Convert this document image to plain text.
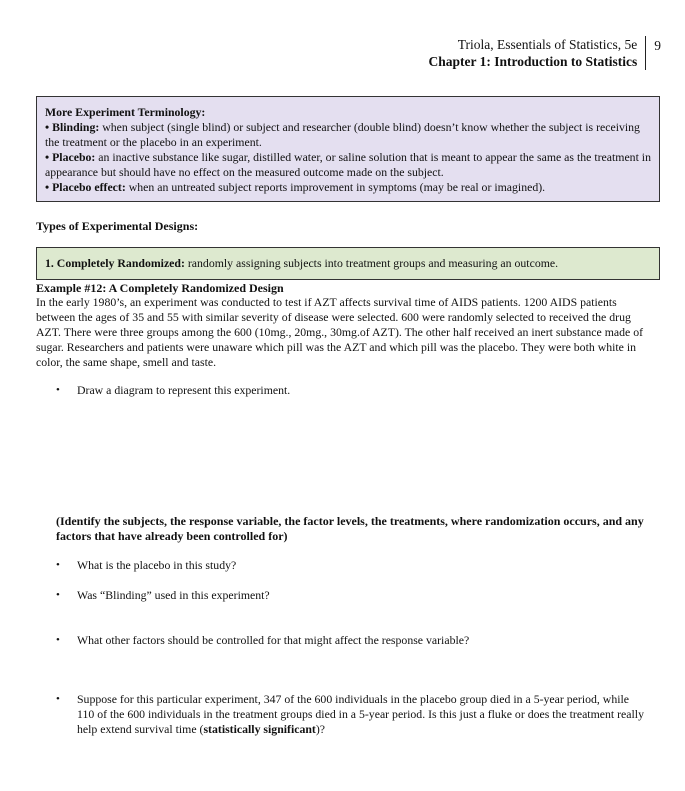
Triola, Essentials of Statistics, 5e
Chapter 1: Introduction to Statistics
9
More Experiment Terminology:
• Blinding: when subject (single blind) or subject and researcher (double blind) doesn’t know whether the subject is receiving the treatment or the placebo in an experiment.
• Placebo: an inactive substance like sugar, distilled water, or saline solution that is meant to appear the same as the treatment in appearance but should have no effect on the measured outcome made on the subject.
• Placebo effect: when an untreated subject reports improvement in symptoms (may be real or imagined).
Types of Experimental Designs:
1. Completely Randomized: randomly assigning subjects into treatment groups and measuring an outcome.
Example #12: A Completely Randomized Design
In the early 1980’s, an experiment was conducted to test if AZT affects survival time of AIDS patients. 1200 AIDS patients between the ages of 35 and 55 with similar severity of disease were selected. 600 were randomly selected to received the drug AZT. There were three groups among the 600 (10mg., 20mg., 30mg.of AZT). The other half received an inert substance made of sugar. Researchers and patients were unaware which pill was the AZT and which pill was the placebo. They were both white in color, the same shape, smell and taste.
•	Draw a diagram to represent this experiment.
(Identify the subjects, the response variable, the factor levels, the treatments, where randomization occurs, and any factors that have already been controlled for)
•	What is the placebo in this study?
•	Was “Blinding” used in this experiment?
•	What other factors should be controlled for that might affect the response variable?
•	Suppose for this particular experiment, 347 of the 600 individuals in the placebo group died in a 5-year period, while 110 of the 600 individuals in the treatment groups died in a 5-year period. Is this just a fluke or does the treatment really help extend survival time (statistically significant)?
